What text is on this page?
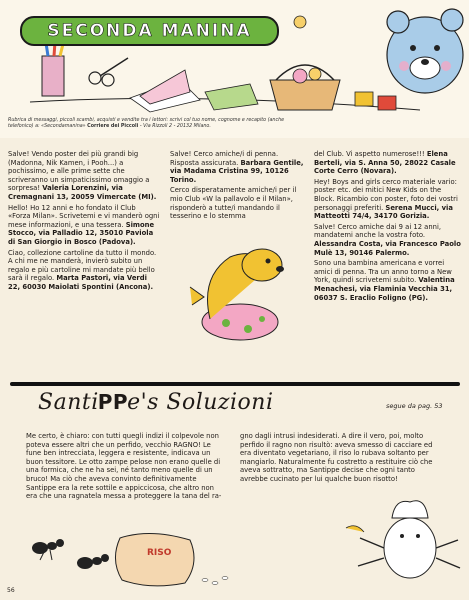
SECONDA MANINA
Rubrica di messaggi, piccoli scambi, acquisti e vendite tra i lettori: scrivi col tuo nome, cognome e recapito (anche telefonico) a: «Secondamanina» Corriere dei Piccoli - Via Rizzoli 2 - 20132 Milano.

Salve! Vendo poster dei più grandi big (Madonna, Nik Kamen, i Pooh...) a pochissimo, e alle prime sette che scriveranno un simpaticissimo omaggio a sorpresa! Valeria Lorenzini, via Cremagnani 13, 20059 Vimercate (MI).

Hello! Ho 12 anni e ho fondato il Club «Forza Milan». Scrivetemi e vi manderò ogni mese informazioni, e una tessera. Simone Stocco, via Palladio 12, 35010 Paviola di San Giorgio in Bosco (Padova).

Ciao, collezione cartoline da tutto il mondo. A chi me ne manderà, invierò subito un regalo e più cartoline mi mandate più bello sarà il regalo. Marta Pastori, via Verdi 22, 60030 Maiolati Spontini (Ancona).

Salve! Cerco amiche/i di penna. Risposta assicurata. Barbara Gentile, via Madama Cristina 99, 10126 Torino.

Cerco disperatamente amiche/i per il mio Club «W la pallavolo e il Milan», risponderò a tutte/i mandando il tesserino e lo stemma

del Club. Vi aspetto numerose!!! Elena Berteli, via S. Anna 50, 28022 Casale Corte Cerro (Novara).

Hey! Boys and girls cerco materiale vario: poster etc. dei mitici New Kids on the Block. Ricambio con poster, foto dei vostri personaggi preferiti. Serena Mucci, via Matteotti 74/4, 34170 Gorizia.

Salve! Cerco amiche dai 9 ai 12 anni, mandatemi anche la vostra foto. Alessandra Costa, via Francesco Paolo Mulè 13, 90146 Palermo.

Sono una bambina americana e vorrei amici di penna. Tra un anno torno a New York, quindi scrivetemi subito. Valentina Menachesi, via Flaminia Vecchia 31, 06037 S. Eraclio Foligno (PG).

SantiPPe's Soluzioni	segue da pag. 53
Me certo, è chiaro: con tutti quegli indizi il colpevole non poteva essere altri che un perfido, vecchio RAGNO! Le fune ben intrecciata, leggera e resistente, indicava un buon tessitore. Le otto zampe pelose non erano quelle di una formica, che ne ha sei, né tanto meno quelle di un bruco! Ma ciò che aveva convinto definitivamente Santippe era la rete sottile e appiccicosa, che altro non era che una ragnatela messa a proteggere la tana del ra-
gno dagli intrusi indesiderati. A dire il vero, poi, molto perfido il ragno non risultò: aveva smesso di cacciare ed era diventato vegetariano, il riso lo rubava soltanto per mangiarlo. Naturalmente fu costretto a restituire ciò che aveva sottratto, ma Santippe decise che ogni tanto avrebbe cucinato per lui qualche buon risotto!
RISO
56
